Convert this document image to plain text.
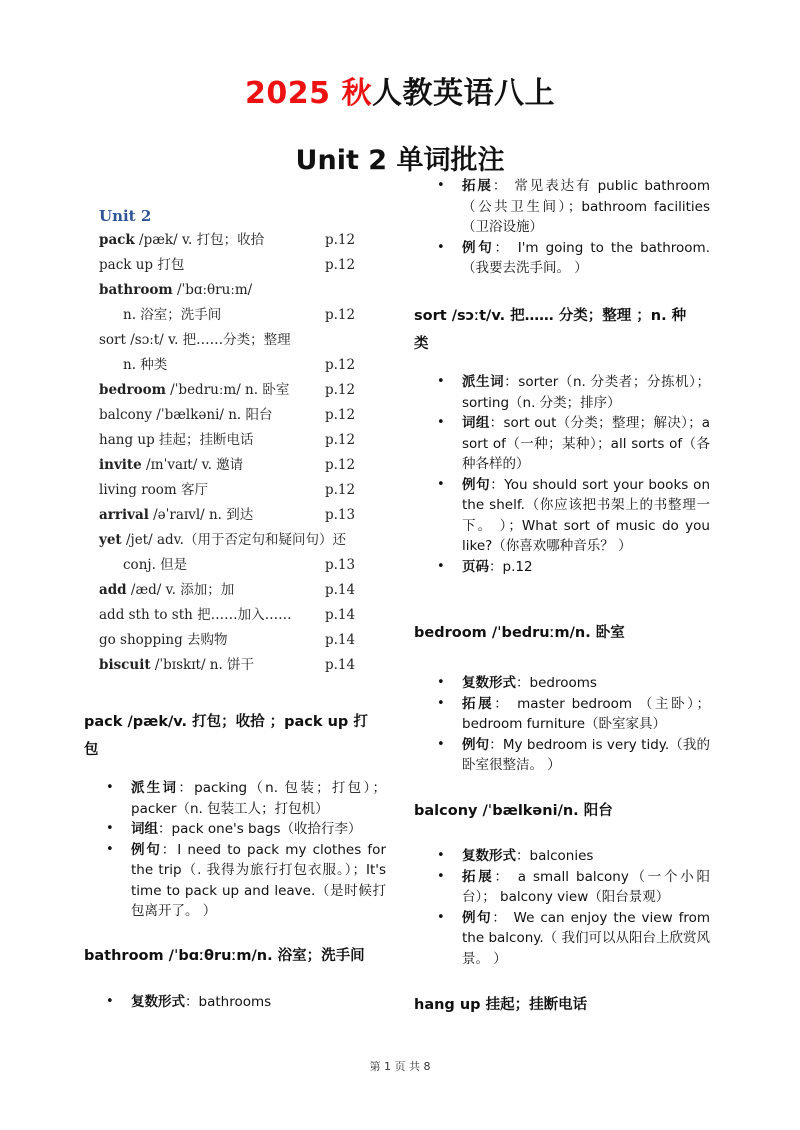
2025 秋人教英语八上
Unit 2 单词批注
Unit 2
pack /pæk/ v. 打包；收拾	p.12
pack up 打包	p.12
bathroom /ˈbɑːθruːm/
n. 浴室；洗手间	p.12
sort /sɔːt/ v. 把……分类；整理
n. 种类	p.12
bedroom /ˈbedruːm/ n. 卧室	p.12
balcony /ˈbælkəni/ n. 阳台	p.12
hang up 挂起；挂断电话	p.12
invite /ɪnˈvaɪt/ v. 邀请	p.12
living room 客厅	p.12
arrival /əˈraɪvl/ n. 到达	p.13
yet /jet/ adv.（用于否定句和疑问句）还
conj. 但是	p.13
add /æd/ v. 添加；加	p.14
add sth to sth 把……加入…… p.14
go shopping 去购物	p.14
biscuit /ˈbɪskɪt/ n. 饼干	p.14
pack /pæk/v. 打包；收拾 ；pack up 打
包
• 派生词：packing（n. 包装；打包）；packer（n. 包装工人；打包机）
• 词组：pack one's bags（收拾行李）
• 例句：I need to pack my clothes for the trip（. 我得为旅行打包衣服。）；It's time to pack up and leave.（是时候打包离开了。 ）
bathroom /ˈbɑːθruːm/n. 浴室；洗手间
• 复数形式：bathrooms
• 拓展： 常见表达有 public bathroom（公共卫生间）；bathroom facilities（卫浴设施）
• 例句： I'm going to the bathroom.（我要去洗手间。 ）
sort /sɔːt/v. 把…… 分类；整理 ；n. 种
类
• 派生词：sorter（n. 分类者；分拣机）；sorting（n. 分类；排序）
• 词组：sort out（分类；整理；解决）；a sort of（一种；某种）；all sorts of（各种各样的）
• 例句：You should sort your books on the shelf.（你应该把书架上的书整理一下。 ）；What sort of music do you like?（你喜欢哪种音乐？ ）
• 页码：p.12
bedroom /ˈbedruːm/n. 卧室
• 复数形式：bedrooms
• 拓展： master bedroom （主卧）；bedroom furniture（卧室家具）
• 例句：My bedroom is very tidy.（我的卧室很整洁。 ）
balcony /ˈbælkəni/n. 阳台
• 复数形式：balconies
• 拓展： a small balcony（一个小阳台）； balcony view（阳台景观）
• 例句： We can enjoy the view from the balcony.（ 我们可以从阳台上欣赏风景。 ）
hang up 挂起；挂断电话
第 1 页 共 8
